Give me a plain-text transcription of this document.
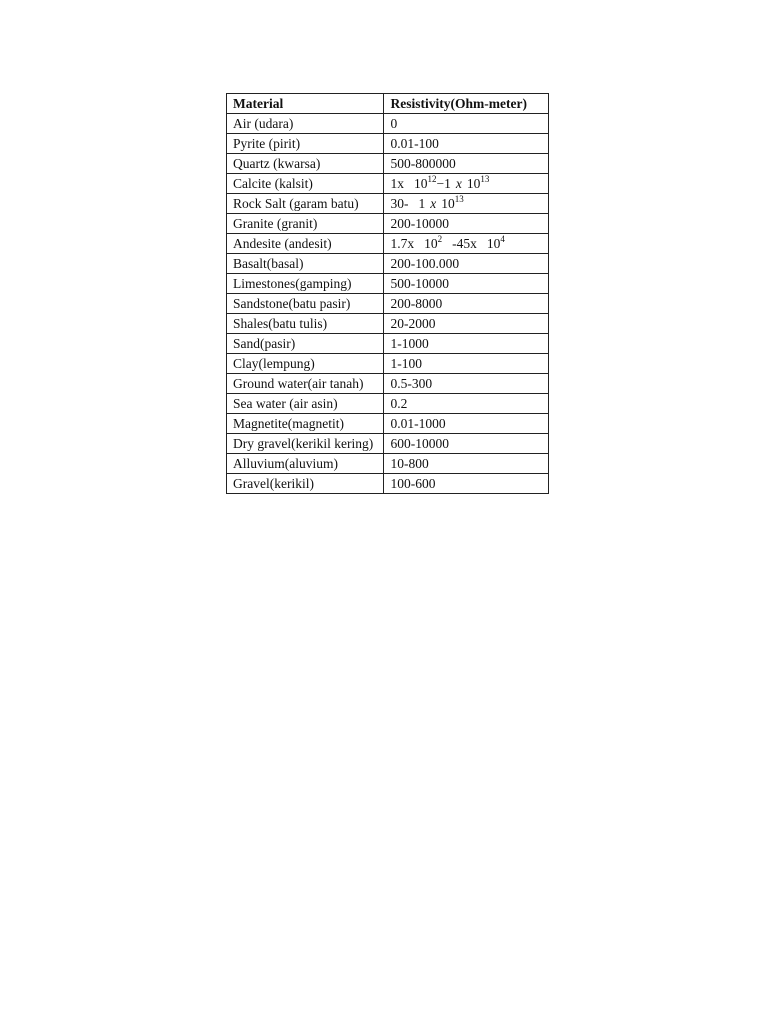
Material	Resistivity(Ohm-meter)
Air (udara)	0
Pyrite (pirit)	0.01-100
Quartz (kwarsa)	500-800000
Calcite (kalsit)	1x $10^{12}-1$ x $10^{13}$
Rock Salt (garam batu)	30- 1 x $10^{13}$
Granite (granit)	200-10000
Andesite (andesit)	1.7x $10^2$ -45x $10^4$
Basalt(basal)	200-100.000
Limestones(gamping)	500-10000
Sandstone(batu pasir)	200-8000
Shales(batu tulis)	20-2000
Sand(pasir)	1-1000
Clay(lempung)	1-100
Ground water(air tanah)	0.5-300
Sea water (air asin)	0.2
Magnetite(magnetit)	0.01-1000
Dry gravel(kerikil kering)	600-10000
Alluvium(aluvium)	10-800
Gravel(kerikil)	100-600
